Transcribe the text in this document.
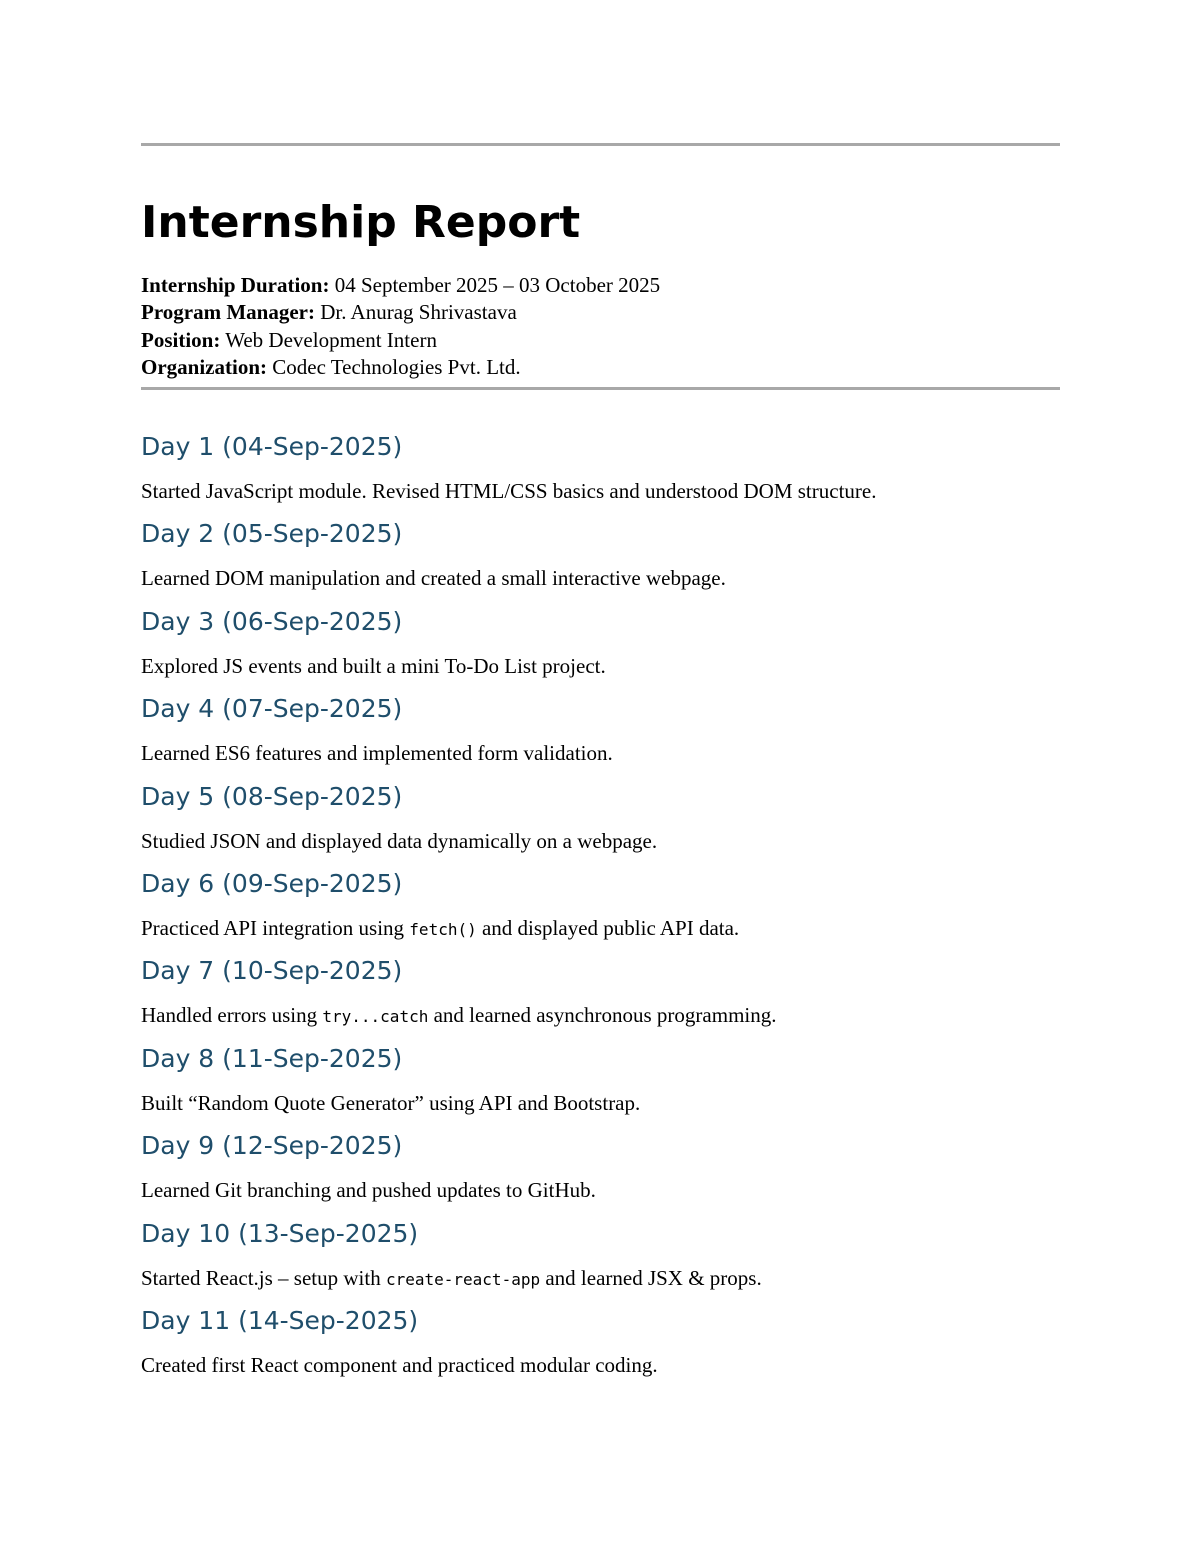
Internship Report
Internship Duration: 04 September 2025 – 03 October 2025
Program Manager: Dr. Anurag Shrivastava
Position: Web Development Intern
Organization: Codec Technologies Pvt. Ltd.
Day 1 (04-Sep-2025)

Started JavaScript module. Revised HTML/CSS basics and understood DOM structure.

Day 2 (05-Sep-2025)

Learned DOM manipulation and created a small interactive webpage.

Day 3 (06-Sep-2025)

Explored JS events and built a mini To-Do List project.

Day 4 (07-Sep-2025)

Learned ES6 features and implemented form validation.

Day 5 (08-Sep-2025)

Studied JSON and displayed data dynamically on a webpage.

Day 6 (09-Sep-2025)

Practiced API integration using fetch() and displayed public API data.

Day 7 (10-Sep-2025)

Handled errors using try...catch and learned asynchronous programming.

Day 8 (11-Sep-2025)

Built “Random Quote Generator” using API and Bootstrap.

Day 9 (12-Sep-2025)

Learned Git branching and pushed updates to GitHub.

Day 10 (13-Sep-2025)

Started React.js – setup with create-react-app and learned JSX & props.

Day 11 (14-Sep-2025)

Created first React component and practiced modular coding.
